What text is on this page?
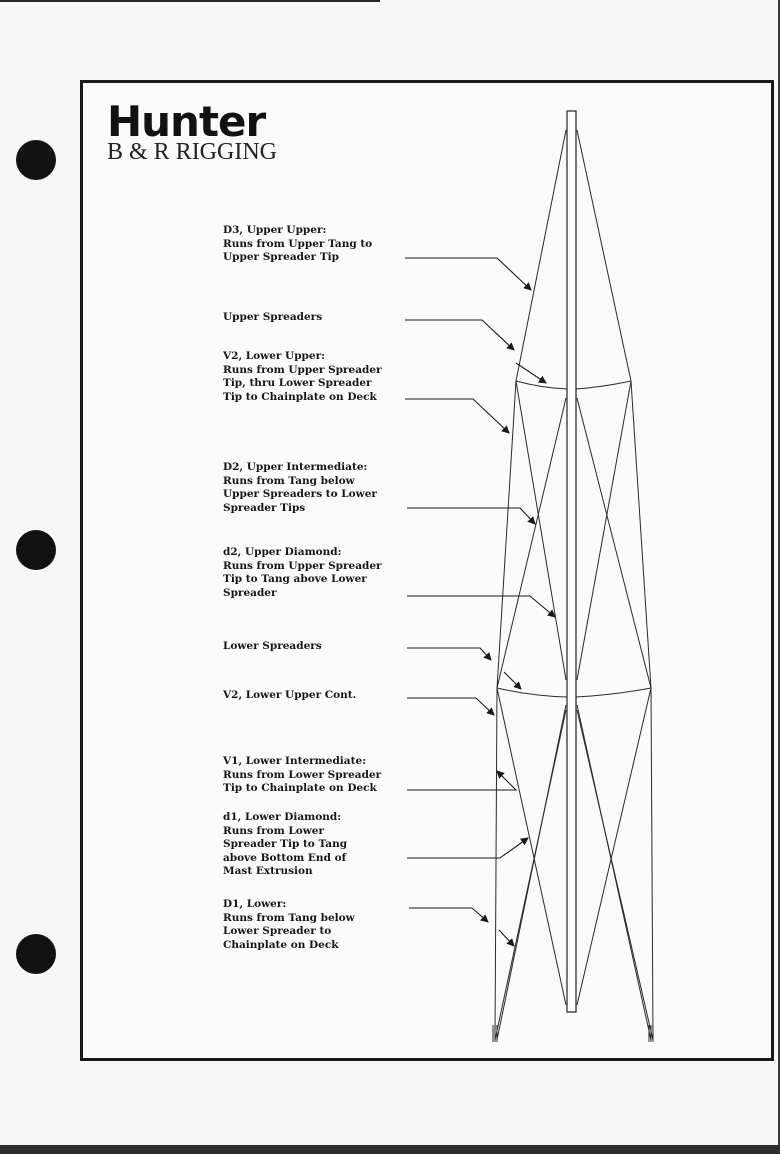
Hunter
B & R RIGGING
D3, Upper Upper:
Runs from Upper Tang to
Upper Spreader Tip
Upper Spreaders
V2, Lower Upper:
Runs from Upper Spreader
Tip, thru Lower Spreader
Tip to Chainplate on Deck
D2, Upper Intermediate:
Runs from Tang below
Upper Spreaders to Lower
Spreader Tips
d2, Upper Diamond:
Runs from Upper Spreader
Tip to Tang above Lower
Spreader
Lower Spreaders
V2, Lower Upper Cont.
V1, Lower Intermediate:
Runs from Lower Spreader
Tip to Chainplate on Deck
d1, Lower Diamond:
Runs from Lower
Spreader Tip to Tang
above Bottom End of
Mast Extrusion
D1, Lower:
Runs from Tang below
Lower Spreader to
Chainplate on Deck
